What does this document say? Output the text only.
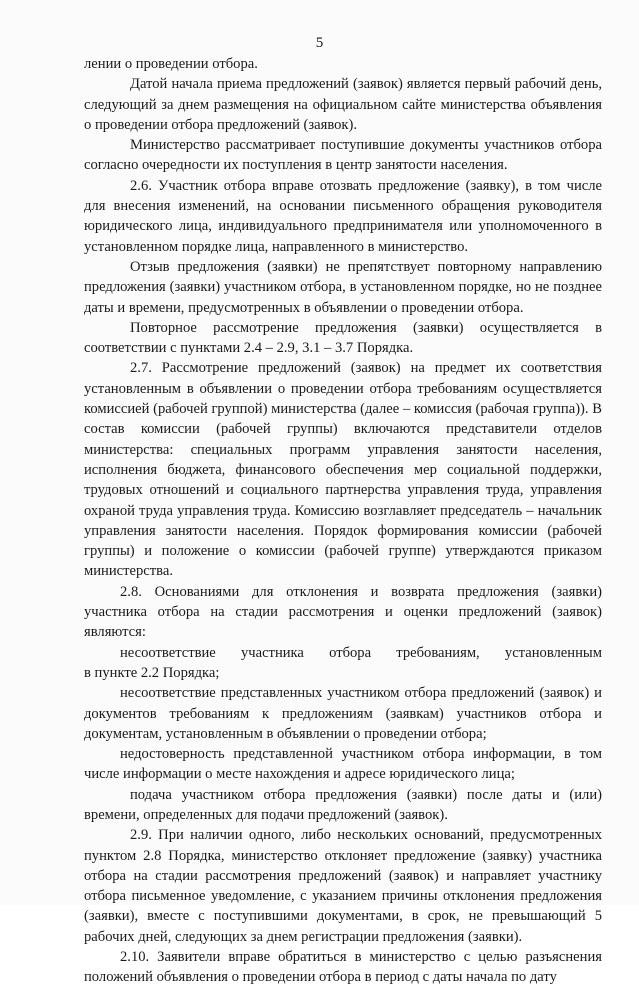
5

лении о проведении отбора.

Датой начала приема предложений (заявок) является первый рабочий день, следующий за днем размещения на официальном сайте министерства объявления о проведении отбора предложений (заявок).

Министерство рассматривает поступившие документы участников отбора согласно очередности их поступления в центр занятости населения.

2.6. Участник отбора вправе отозвать предложение (заявку), в том числе для внесения изменений, на основании письменного обращения руководителя юридического лица, индивидуального предпринимателя или уполномоченного в установленном порядке лица, направленного в министерство.

Отзыв предложения (заявки) не препятствует повторному направлению предложения (заявки) участником отбора, в установленном порядке, но не позднее даты и времени, предусмотренных в объявлении о проведении отбора.

Повторное рассмотрение предложения (заявки) осуществляется в соответствии с пунктами 2.4 – 2.9, 3.1 – 3.7 Порядка.

2.7. Рассмотрение предложений (заявок) на предмет их соответствия установленным в объявлении о проведении отбора требованиям осуществляется комиссией (рабочей группой) министерства (далее – комиссия (рабочая группа)). В состав комиссии (рабочей группы) включаются представители отделов министерства: специальных программ управления занятости населения, исполнения бюджета, финансового обеспечения мер социальной поддержки, трудовых отношений и социального партнерства управления труда, управления охраной труда управления труда. Комиссию возглавляет председатель – начальник управления занятости населения. Порядок формирования комиссии (рабочей группы) и положение о комиссии (рабочей группе) утверждаются приказом министерства.

2.8. Основаниями для отклонения и возврата предложения (заявки) участника отбора на стадии рассмотрения и оценки предложений (заявок) являются:

несоответствие участника отбора требованиям, установленным

в пункте 2.2 Порядка;

несоответствие представленных участником отбора предложений (заявок) и документов требованиям к предложениям (заявкам) участников отбора и документам, установленным в объявлении о проведении отбора;

недостоверность представленной участником отбора информации, в том числе информации о месте нахождения и адресе юридического лица;

подача участником отбора предложения (заявки) после даты и (или) времени, определенных для подачи предложений (заявок).

2.9. При наличии одного, либо нескольких оснований, предусмотренных пунктом 2.8 Порядка, министерство отклоняет предложение (заявку) участника отбора на стадии рассмотрения предложений (заявок) и направляет участнику отбора письменное уведомление, с указанием причины отклонения предложения (заявки), вместе с поступившими документами, в срок, не превышающий 5 рабочих дней, следующих за днем регистрации предложения (заявки).

2.10. Заявители вправе обратиться в министерство с целью разъяснения положений объявления о проведении отбора в период с даты начала по дату
